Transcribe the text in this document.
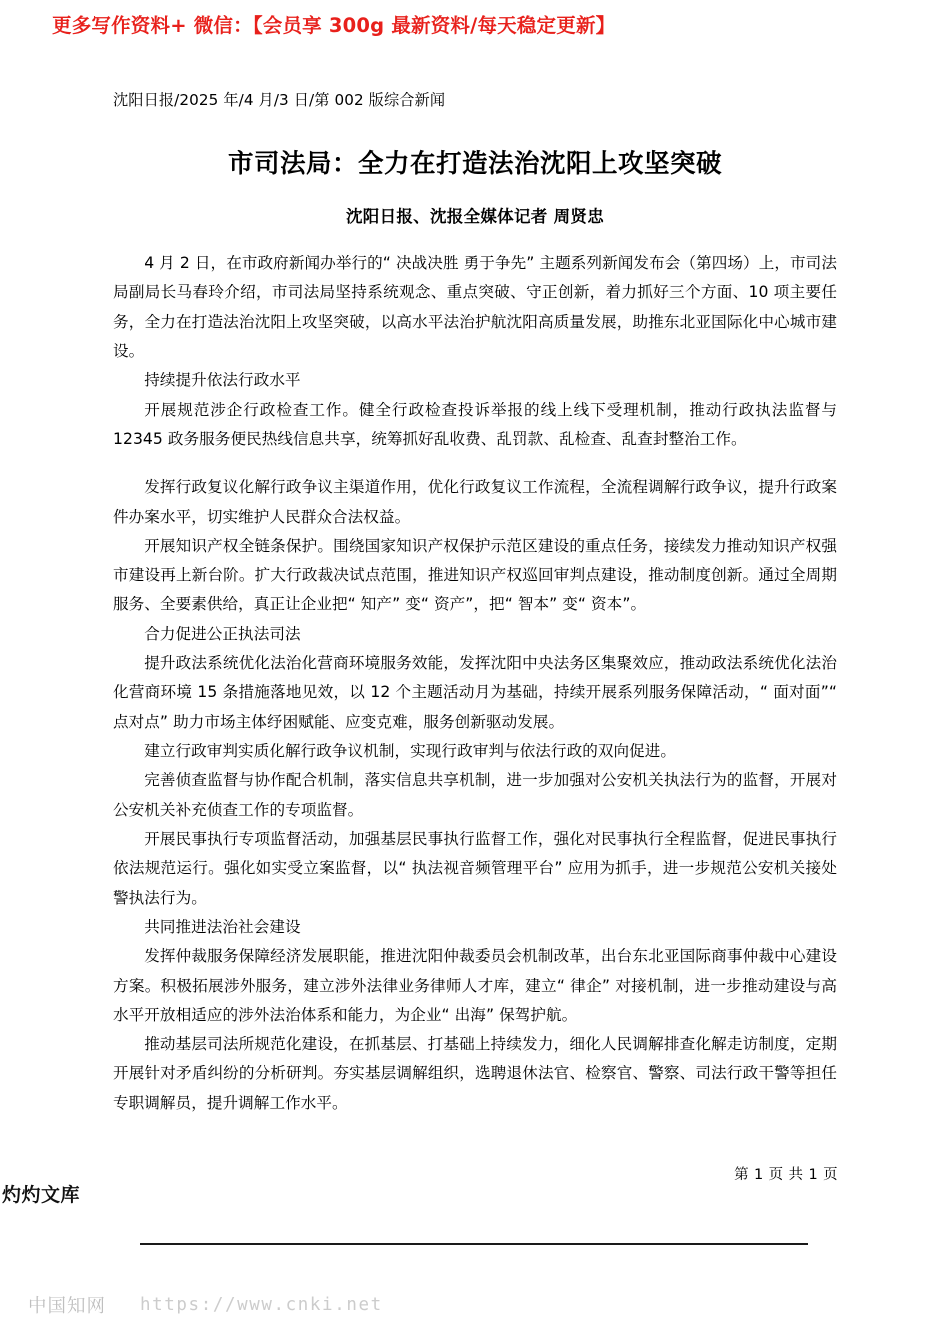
更多写作资料+ 微信：【会员享 300g 最新资料/每天稳定更新】
沈阳日报/2025 年/4 月/3 日/第 002 版综合新闻
市司法局：全力在打造法治沈阳上攻坚突破
沈阳日报、沈报全媒体记者 周贤忠

4 月 2 日，在市政府新闻办举行的“ 决战决胜 勇于争先” 主题系列新闻发布会（第四场）上，市司法局副局长马春玲介绍，市司法局坚持系统观念、重点突破、守正创新，着力抓好三个方面、10 项主要任务，全力在打造法治沈阳上攻坚突破，以高水平法治护航沈阳高质量发展，助推东北亚国际化中心城市建设。

持续提升依法行政水平

开展规范涉企行政检查工作。健全行政检查投诉举报的线上线下受理机制，推动行政执法监督与 12345 政务服务便民热线信息共享，统筹抓好乱收费、乱罚款、乱检查、乱查封整治工作。

发挥行政复议化解行政争议主渠道作用，优化行政复议工作流程，全流程调解行政争议，提升行政案件办案水平，切实维护人民群众合法权益。

开展知识产权全链条保护。围绕国家知识产权保护示范区建设的重点任务，接续发力推动知识产权强市建设再上新台阶。扩大行政裁决试点范围，推进知识产权巡回审判点建设，推动制度创新。通过全周期服务、全要素供给，真正让企业把“ 知产” 变“ 资产”，把“ 智本” 变“ 资本”。

合力促进公正执法司法

提升政法系统优化法治化营商环境服务效能，发挥沈阳中央法务区集聚效应，推动政法系统优化法治化营商环境 15 条措施落地见效，以 12 个主题活动月为基础，持续开展系列服务保障活动，“ 面对面”“ 点对点” 助力市场主体纾困赋能、应变克难，服务创新驱动发展。

建立行政审判实质化解行政争议机制，实现行政审判与依法行政的双向促进。

完善侦查监督与协作配合机制，落实信息共享机制，进一步加强对公安机关执法行为的监督，开展对公安机关补充侦查工作的专项监督。

开展民事执行专项监督活动，加强基层民事执行监督工作，强化对民事执行全程监督，促进民事执行依法规范运行。强化如实受立案监督，以“ 执法视音频管理平台” 应用为抓手，进一步规范公安机关接处警执法行为。

共同推进法治社会建设

发挥仲裁服务保障经济发展职能，推进沈阳仲裁委员会机制改革，出台东北亚国际商事仲裁中心建设方案。积极拓展涉外服务，建立涉外法律业务律师人才库，建立“ 律企” 对接机制，进一步推动建设与高水平开放相适应的涉外法治体系和能力，为企业“ 出海” 保驾护航。

推动基层司法所规范化建设，在抓基层、打基础上持续发力，细化人民调解排查化解走访制度，定期开展针对矛盾纠纷的分析研判。夯实基层调解组织，选聘退休法官、检察官、警察、司法行政干警等担任专职调解员，提升调解工作水平。

第 1 页 共 1 页
灼灼文库
中国知网 https://www.cnki.net
